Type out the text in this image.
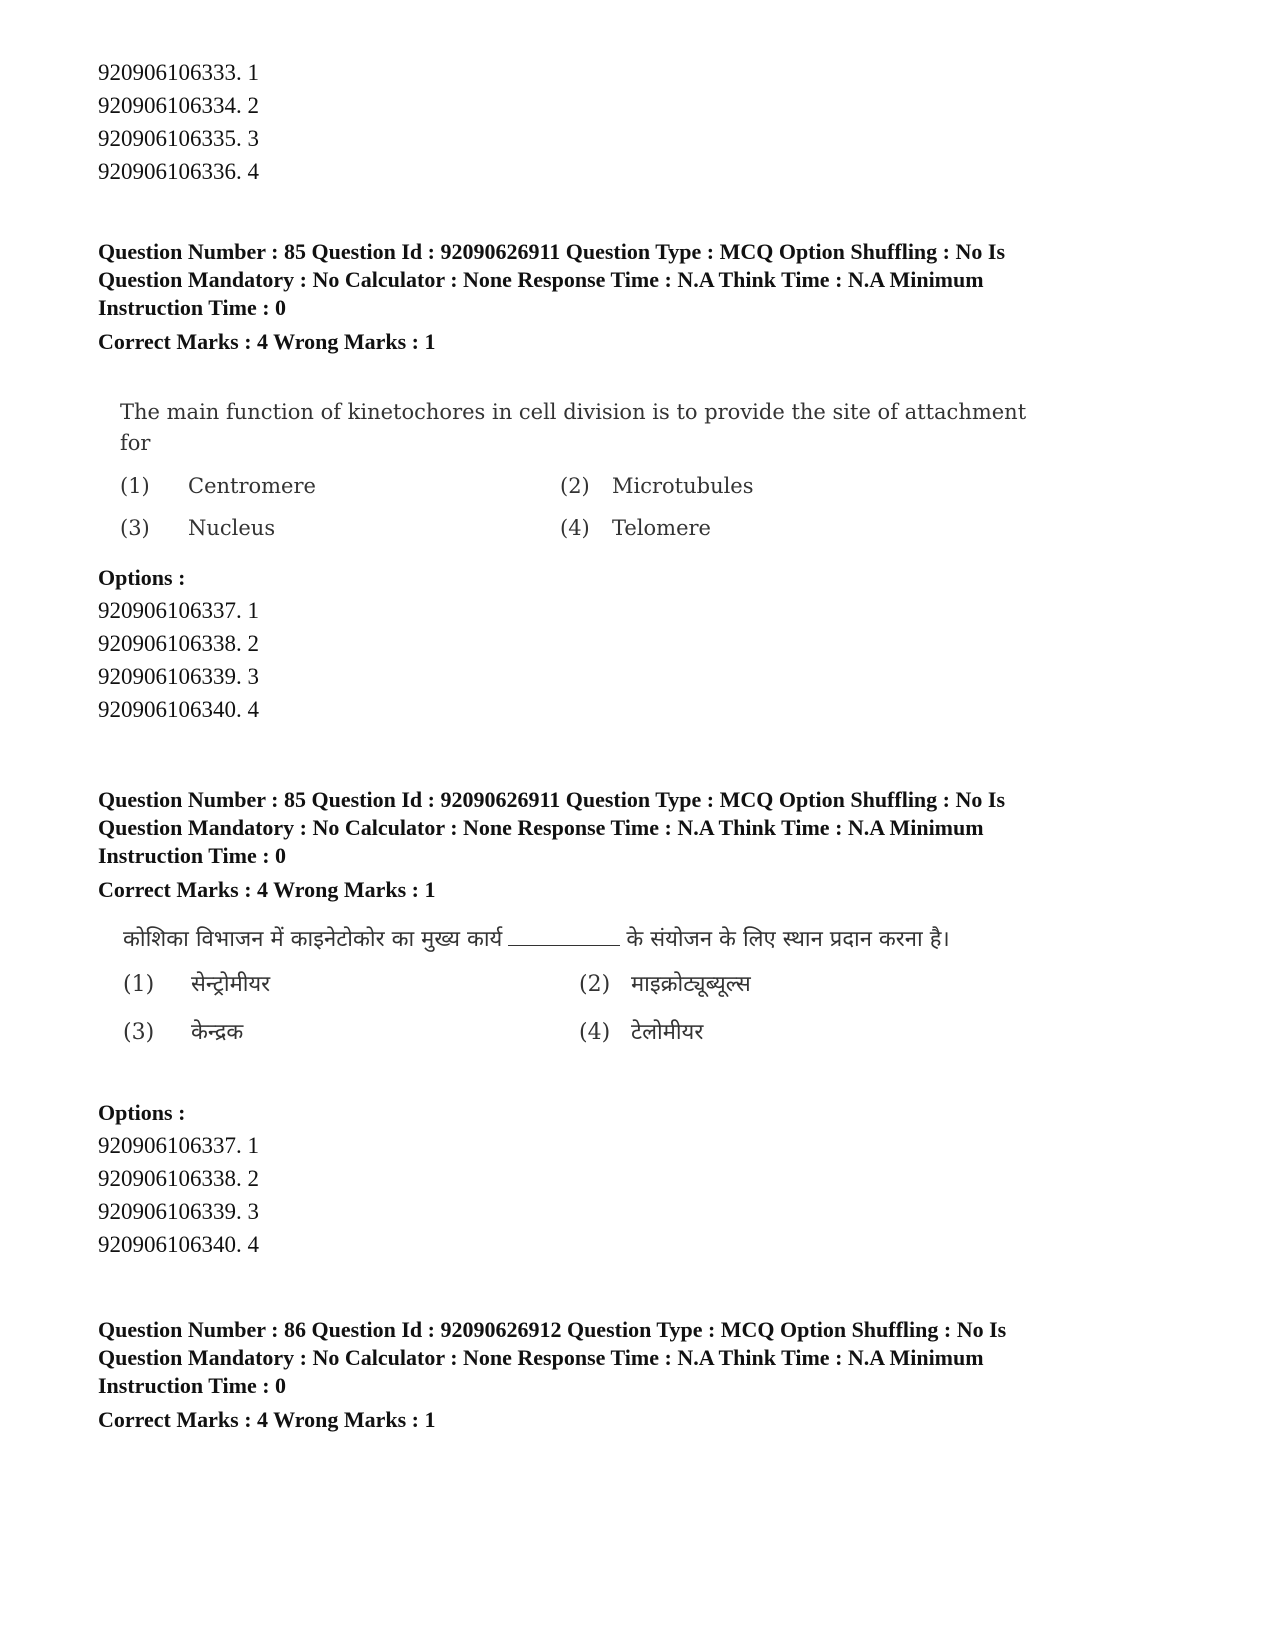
920906106333. 1
920906106334. 2
920906106335. 3
920906106336. 4
Question Number : 85 Question Id : 92090626911 Question Type : MCQ Option Shuffling : No Is
Question Mandatory : No Calculator : None Response Time : N.A Think Time : N.A Minimum
Instruction Time : 0
Correct Marks : 4 Wrong Marks : 1
The main function of kinetochores in cell division is to provide the site of attachment
for
(1) Centromere	(2) Microtubules
(3) Nucleus	(4) Telomere
Options :
920906106337. 1
920906106338. 2
920906106339. 3
920906106340. 4
Question Number : 85 Question Id : 92090626911 Question Type : MCQ Option Shuffling : No Is
Question Mandatory : No Calculator : None Response Time : N.A Think Time : N.A Minimum
Instruction Time : 0
Correct Marks : 4 Wrong Marks : 1
कोशिका विभाजन में काइनेटोकोर का मुख्य कार्य	के संयोजन के लिए स्थान प्रदान करना है।
(1) सेन्ट्रोमीयर	(2) माइक्रोट्यूब्यूल्स
(3) केन्द्रक	(4) टेलोमीयर
Options :
920906106337. 1
920906106338. 2
920906106339. 3
920906106340. 4
Question Number : 86 Question Id : 92090626912 Question Type : MCQ Option Shuffling : No Is
Question Mandatory : No Calculator : None Response Time : N.A Think Time : N.A Minimum
Instruction Time : 0
Correct Marks : 4 Wrong Marks : 1
